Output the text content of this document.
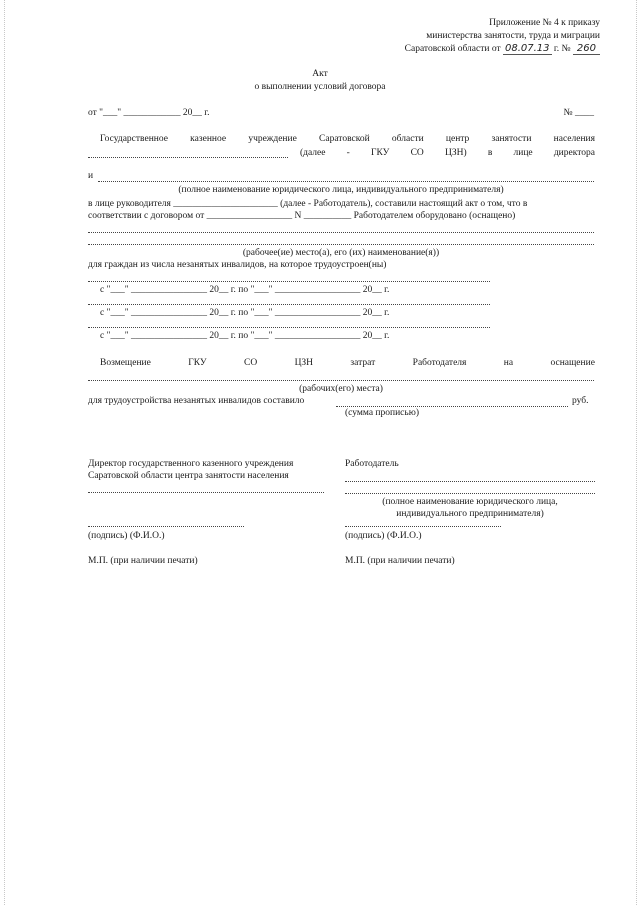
Приложение № 4 к приказу
министерства занятости, труда и миграции
Саратовской области от 08.07.13 г. № 260
Акт
о выполнении условий договора
от "___" ____________ 20__ г.	№ ____
Государственное казенное учреждение Саратовской области центр занятости населения
(далее - ГКУ СО ЦЗН) в лице директора
и
(полное наименование юридического лица, индивидуального предпринимателя)
в лице руководителя ______________________ (далее - Работодатель), составили настоящий акт о том, что в
соответствии с договором от __________________ N __________ Работодателем оборудовано (оснащено)
(рабочее(ие) место(а), его (их) наименование(я))
для граждан из числа незанятых инвалидов, на которое трудоустроен(ны)
с "___" ________________ 20__ г. по "___" __________________ 20__ г.
с "___" ________________ 20__ г. по "___" __________________ 20__ г.
с "___" ________________ 20__ г. по "___" __________________ 20__ г.
Возмещение	ГКУ	СО	ЦЗН	затрат	Работодателя	на	оснащение
(рабочих(его) места)
для трудоустройства незанятых инвалидов составило	руб.
(сумма прописью)
Директор государственного казенного учреждения
Саратовской области центра занятости населения
(подпись) (Ф.И.О.)
М.П. (при наличии печати)
Работодатель
(полное наименование юридического лица,
индивидуального предпринимателя)
(подпись) (Ф.И.О.)
М.П. (при наличии печати)
